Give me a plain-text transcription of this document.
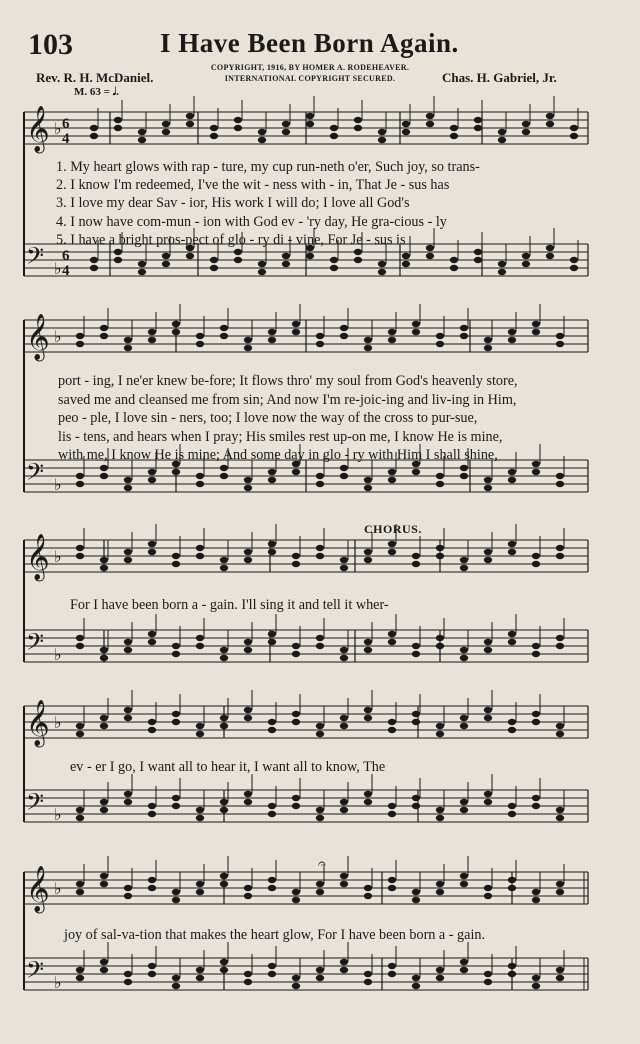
103	I Have Been Born Again.
COPYRIGHT, 1916, BY HOMER A. RODEHEAVER.
INTERNATIONAL COPYRIGHT SECURED.
Rev. R. H. McDaniel.	Chas. H. Gabriel, Jr.
M. 63 = 𝅗𝅥.
𝄞 ♭
𝄢 ♭
𝄞 ♭
𝄢 ♭
𝄞 ♭
𝄢 ♭
𝄞 ♭
𝄢 ♭
𝄞 ♭
𝄢 ♭
6
4
6
4
𝄐
1. My heart glows with rap - ture, my cup run-neth o'er, Such joy, so trans-
2. I know I'm redeemed, I've the wit - ness with - in, That Je - sus has
3. I love my dear Sav - ior, His work I will do; I love all God's
4. I now have com-mun - ion with God ev - 'ry day, He gra-cious - ly
5. I have a bright pros-pect of glo - ry di - vine, For Je - sus is
port - ing, I ne'er knew be-fore; It flows thro' my soul from God's heavenly store,
saved me and cleansed me from sin; And now I'm re-joic-ing and liv-ing in Him,
peo - ple, I love sin - ners, too; I love now the way of the cross to pur-sue,
lis - tens, and hears when I pray; His smiles rest up-on me, I know He is mine,
with me, I know He is mine; And some day in glo - ry with Him I shall shine,
CHORUS.
For I have been born a - gain. I'll sing it and tell it wher-
ev - er I go, I want all to hear it, I want all to know, The
joy of sal-va-tion that makes the heart glow, For I have been born a - gain.
